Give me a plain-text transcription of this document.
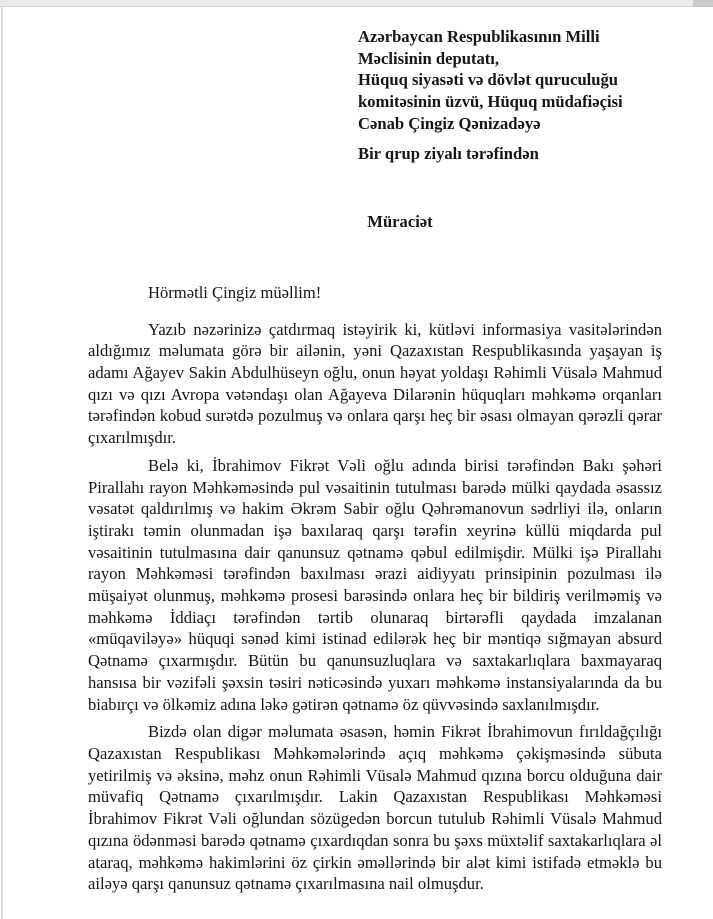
Azərbaycan Respublikasının Milli
Məclisinin deputatı,
Hüquq siyasəti və dövlət quruculuğu
komitəsinin üzvü, Hüquq müdafiəçisi
Cənab Çingiz Qənizadəyə
Bir qrup ziyalı tərəfindən
Müraciət
Hörmətli Çingiz müəllim!

Yazıb nəzərinizə çatdırmaq istəyirik ki, kütləvi informasiya vasitələrindən aldığımız məlumata görə bir ailənin, yəni Qazaxıstan Respublikasında yaşayan iş adamı Ağayev Sakin Abdulhüseyn oğlu, onun həyat yoldaşı Rəhimli Vüsalə Mahmud qızı və qızı Avropa vətəndaşı olan Ağayeva Dilarənin hüquqları məhkəmə orqanları tərəfindən kobud surətdə pozulmuş və onlara qarşı heç bir əsası olmayan qərəzli qərar çıxarılmışdır.

Belə ki, İbrahimov Fikrət Vəli oğlu adında birisi tərəfindən Bakı şəhəri Pirallahı rayon Məhkəməsində pul vəsaitinin tutulması barədə mülki qaydada əsassız vəsatət qaldırılmış və hakim Əkrəm Sabir oğlu Qəhrəmanovun sədrliyi ilə, onların iştirakı təmin olunmadan işə baxılaraq qarşı tərəfin xeyrinə küllü miqdarda pul vəsaitinin tutulmasına dair qanunsuz qətnamə qəbul edilmişdir. Mülki işə Pirallahı rayon Məhkəməsi tərəfindən baxılması ərazi aidiyyatı prinsipinin pozulması ilə müşaiyət olunmuş, məhkəmə prosesi barəsində onlara heç bir bildiriş verilməmiş və məhkəmə İddiaçı tərəfindən tərtib olunaraq birtərəfli qaydada imzalanan «müqaviləyə» hüquqi sənəd kimi istinad edilərək heç bir məntiqə sığmayan absurd Qətnamə çıxarmışdır. Bütün bu qanunsuzluqlara və saxtakarlıqlara baxmayaraq hansısa bir vəzifəli şəxsin təsiri nəticəsində yuxarı məhkəmə instansiyalarında da bu biabırçı və ölkəmiz adına ləkə gətirən qətnamə öz qüvvəsində saxlanılmışdır.

Bizdə olan digər məlumata əsasən, həmin Fikrət İbrahimovun fırıldağçılığı Qazaxıstan Respublikası Məhkəmələrində açıq məhkəmə çəkişməsində sübuta yetirilmiş və əksinə, məhz onun Rəhimli Vüsalə Mahmud qızına borcu olduğuna dair müvafiq Qətnamə çıxarılmışdır. Lakin Qazaxıstan Respublikası Məhkəməsi İbrahimov Fikrət Vəli oğlundan sözügedən borcun tutulub Rəhimli Vüsalə Mahmud qızına ödənməsi barədə qətnamə çıxardıqdan sonra bu şəxs müxtəlif saxtakarlıqlara əl ataraq, məhkəmə hakimlərini öz çirkin əməllərində bir alət kimi istifadə etməklə bu ailəyə qarşı qanunsuz qətnamə çıxarılmasına nail olmuşdur.
